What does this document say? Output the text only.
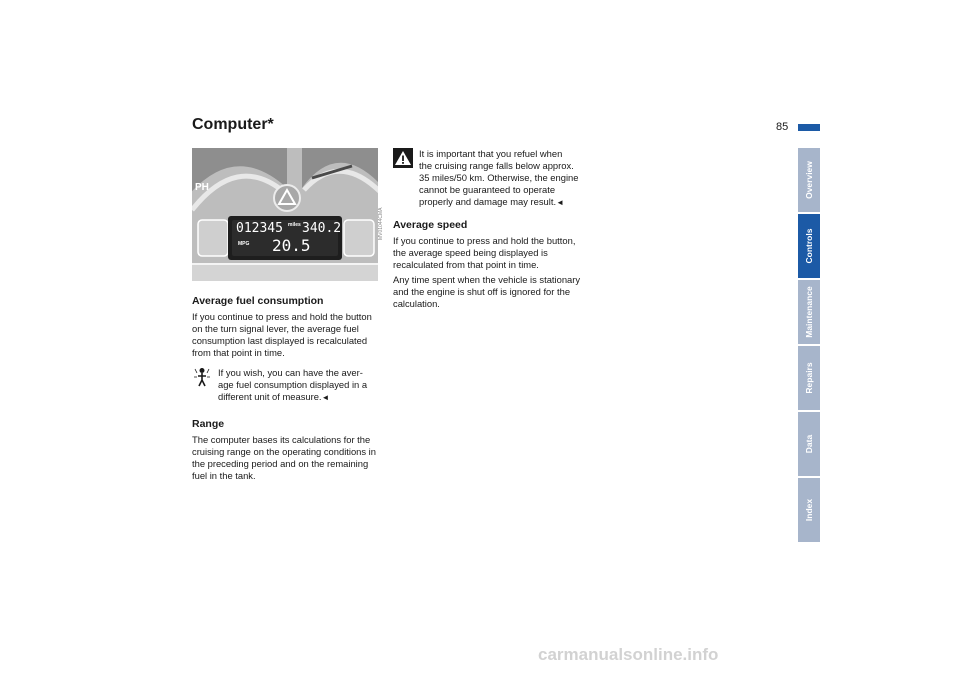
Computer*	85
012345 miles 340.2
MPG 20.5
PH
Average fuel consumption

If you continue to press and hold the button on the turn signal lever, the average fuel consumption last displayed is recalculated from that point in time.

If you wish, you can have the aver-

age fuel consumption displayed in a different unit of measure.◄

Range

The computer bases its calculations for the cruising range on the operating conditions in the preceding period and on the remaining fuel in the tank.

MV01044CMA

It is important that you refuel when

the cruising range falls below approx. 35 miles/50 km. Otherwise, the engine cannot be guaranteed to operate properly and damage may result.◄

Average speed

If you continue to press and hold the button, the average speed being displayed is recalculated from that point in time.

Any time spent when the vehicle is stationary and the engine is shut off is ignored for the calculation.

Overview
Controls
Maintenance
Repairs
Data
Index
carmanualsonline.info
